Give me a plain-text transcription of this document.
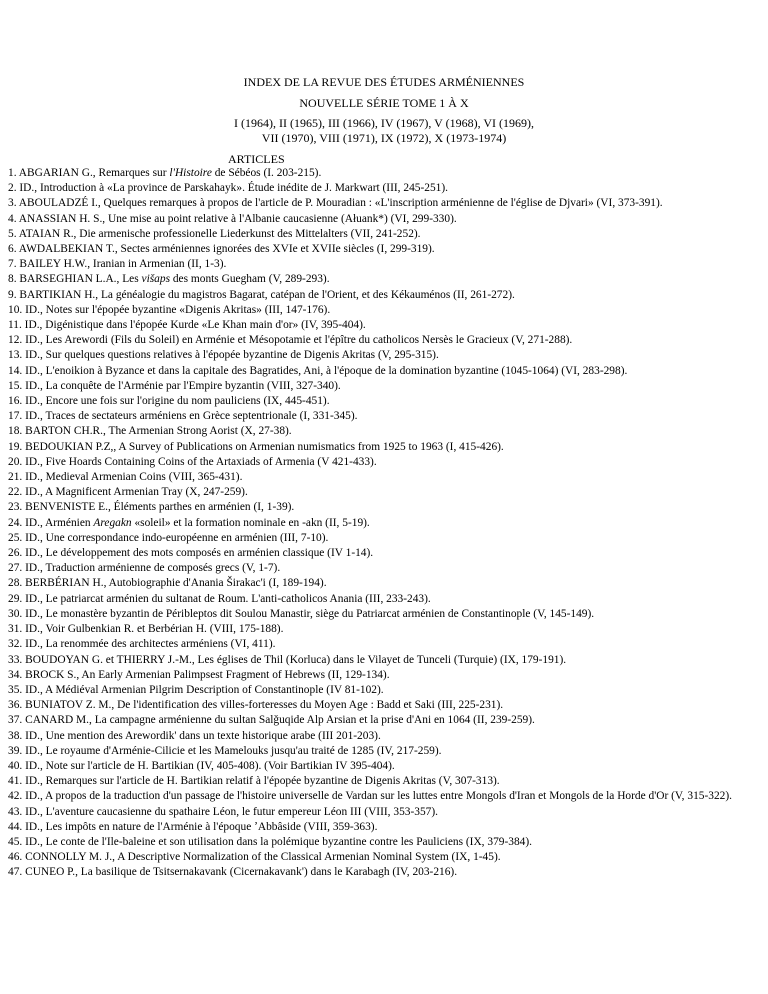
INDEX DE LA REVUE DES ÉTUDES ARMÉNIENNES
NOUVELLE SÉRIE TOME 1 À X
I (1964), II (1965), III (1966), IV (1967), V (1968), VI (1969),
VII (1970), VIII (1971), IX (1972), X (1973-1974)
ARTICLES
1. ABGARIAN G., Remarques sur l'Histoire de Sébéos (I. 203-215).
2. ID., Introduction à «La province de Parskahayk». Étude inédite de J. Markwart (III, 245-251).
3. ABOULADZÉ I., Quelques remarques à propos de l'article de P. Mouradian : «L'inscription arménienne de l'église de Djvari» (VI, 373-391).
4. ANASSIAN H. S., Une mise au point relative à l'Albanie caucasienne (Ałuank*) (VI, 299-330).
5. ATAIAN R., Die armenische professionelle Liederkunst des Mittelalters (VII, 241-252).
6. AWDALBEKIAN T., Sectes arméniennes ignorées des XVIe et XVIIe siècles (I, 299-319).
7. BAILEY H.W., Iranian in Armenian (II, 1-3).
8. BARSEGHIAN L.A., Les višaps des monts Guegham (V, 289-293).
9. BARTIKIAN H., La généalogie du magistros Bagarat, catépan de l'Orient, et des Kékauménos (II, 261-272).
10. ID., Notes sur l'épopée byzantine «Digenis Akritas» (III, 147-176).
11. ID., Digénistique dans l'épopée Kurde «Le Khan main d'or» (IV, 395-404).
12. ID., Les Arewordi (Fils du Soleil) en Arménie et Mésopotamie et l'épître du catholicos Nersès le Gracieux (V, 271-288).
13. ID., Sur quelques questions relatives à l'épopée byzantine de Digenis Akritas (V, 295-315).
14. ID., L'enoikion à Byzance et dans la capitale des Bagratides, Ani, à l'époque de la domination byzantine (1045-1064) (VI, 283-298).
15. ID., La conquête de l'Arménie par l'Empire byzantin (VIII, 327-340).
16. ID., Encore une fois sur l'origine du nom pauliciens (IX, 445-451).
17. ID., Traces de sectateurs arméniens en Grèce septentrionale (I, 331-345).
18. BARTON CH.R., The Armenian Strong Aorist (X, 27-38).
19. BEDOUKIAN P.Z,, A Survey of Publications on Armenian numismatics from 1925 to 1963 (I, 415-426).
20. ID., Five Hoards Containing Coins of the Artaxiads of Armenia (V 421-433).
21. ID., Medieval Armenian Coins (VIII, 365-431).
22. ID., A Magnificent Armenian Tray (X, 247-259).
23. BENVENISTE E., Éléments parthes en arménien (I, 1-39).
24. ID., Arménien Aregakn «soleil» et la formation nominale en -akn (II, 5-19).
25. ID., Une correspondance indo-européenne en arménien (III, 7-10).
26. ID., Le développement des mots composés en arménien classique (IV 1-14).
27. ID., Traduction arménienne de composés grecs (V, 1-7).
28. BERBÉRIAN H., Autobiographie d'Anania Širakac'i (I, 189-194).
29. ID., Le patriarcat arménien du sultanat de Roum. L'anti-catholicos Anania (III, 233-243).
30. ID., Le monastère byzantin de Péribleptos dit Soulou Manastir, siège du Patriarcat arménien de Constantinople (V, 145-149).
31. ID., Voir Gulbenkian R. et Berbérian H. (VIII, 175-188).
32. ID., La renommée des architectes arméniens (VI, 411).
33. BOUDOYAN G. et THIERRY J.-M., Les églises de Thil (Korluca) dans le Vilayet de Tunceli (Turquie) (IX, 179-191).
34. BROCK S., An Early Armenian Palimpsest Fragment of Hebrews (II, 129-134).
35. ID., A Médiéval Armenian Pilgrim Description of Constantinople (IV 81-102).
36. BUNIATOV Z. M., De l'identification des villes-forteresses du Moyen Age : Badd et Saki (III, 225-231).
37. CANARD M., La campagne arménienne du sultan Salǧuqide Alp Arsian et la prise d'Ani en 1064 (II, 239-259).
38. ID., Une mention des Arewordik' dans un texte historique arabe (III 201-203).
39. ID., Le royaume d'Arménie-Cilicie et les Mamelouks jusqu'au traité de 1285 (IV, 217-259).
40. ID., Note sur l'article de H. Bartikian (IV, 405-408). (Voir Bartikian IV 395-404).
41. ID., Remarques sur l'article de H. Bartikian relatif à l'épopée byzantine de Digenis Akritas (V, 307-313).
42. ID., A propos de la traduction d'un passage de l'histoire universelle de Vardan sur les luttes entre Mongols d'Iran et Mongols de la Horde d'Or (V, 315-322).
43. ID., L'aventure caucasienne du spathaire Léon, le futur empereur Léon III (VIII, 353-357).
44. ID., Les impôts en nature de l'Arménie à l'époque ʼAbbâside (VIII, 359-363).
45. ID., Le conte de l'Ile-baleine et son utilisation dans la polémique byzantine contre les Pauliciens (IX, 379-384).
46. CONNOLLY M. J., A Descriptive Normalization of the Classical Armenian Nominal System (IX, 1-45).
47. CUNEO P., La basilique de Tsitsernakavank (Cicernakavank') dans le Karabagh (IV, 203-216).
